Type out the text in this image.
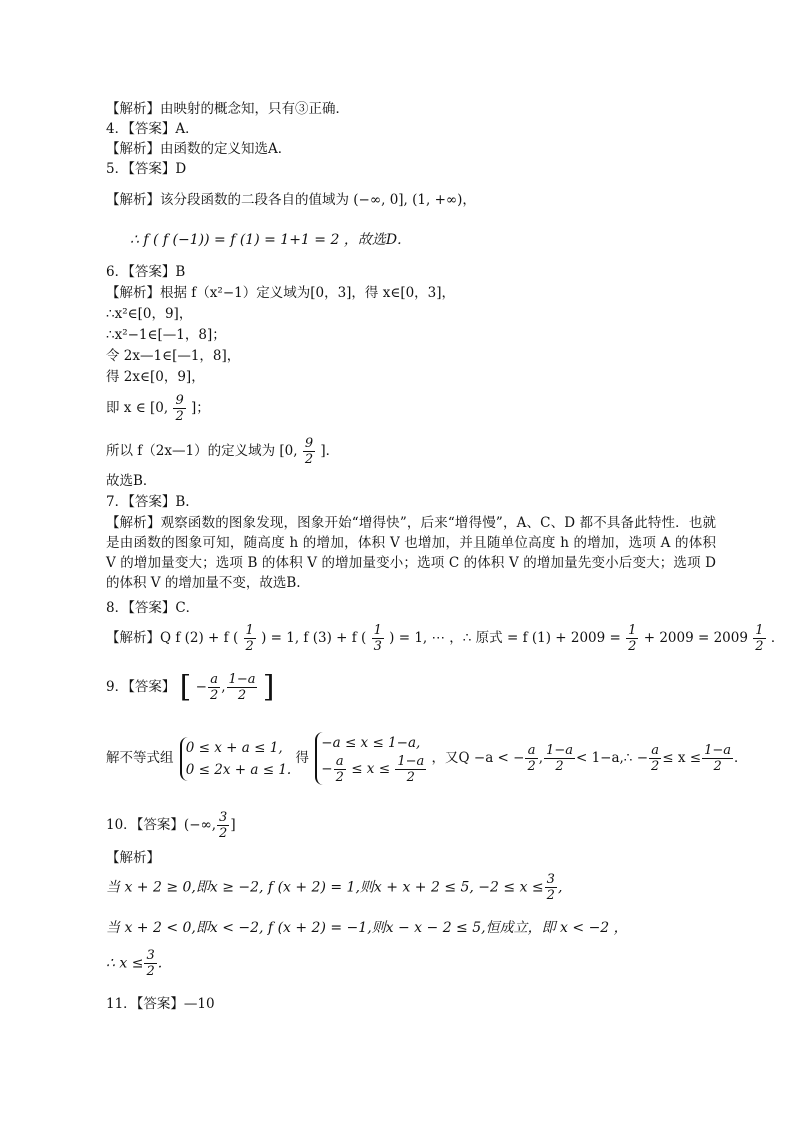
【解析】由映射的概念知，只有③正确．
4．【答案】A．
【解析】由函数的定义知选A．
5．【答案】D
【解析】该分段函数的二段各自的值域为 (−∞, 0], (1, +∞)，
∴ f ( f (−1)) = f (1) = 1+1 = 2 ，故选D．
6．【答案】B
【解析】根据 f（x²−1）定义域为[0，3]，得 x∈[0，3]，
∴x²∈[0，9]，
∴x²−1∈[—1，8]；
令 2x—1∈[—1，8]，
得 2x∈[0，9]，
即 x ∈ [0, $\frac{9}{2}$ ]；
所以 f（2x—1）的定义域为 [0, $\frac{9}{2}$ ]．
故选B．
7．【答案】B.
【解析】观察函数的图象发现，图象开始“增得快”，后来“增得慢”，A、C、D 都不具备此特性．也就是由函数的图象可知，随高度 h 的增加，体积 V 也增加，并且随单位高度 h 的增加，选项 A 的体积 V 的增加量变大；选项 B 的体积 V 的增加量变小；选项 C 的体积 V 的增加量先变小后变大；选项 D 的体积 V 的增加量不变，故选B.
8．【答案】C．
【解析】Q f (2) + f ( $\frac{1}{2}$ ) = 1, f (3) + f ( $\frac{1}{3}$ ) = 1, ⋯ ，∴ 原式 = f $(1) + 2009 = \frac{1}{2} + 2009 = 2009 \frac{1}{2}$ ．
9．【答案】 [ − $\frac{a}{2}$ , $\frac{1-a}{2}$ ]
解不等式组
0 ≤ x + a ≤ 1,
0 ≤ 2x + a ≤ 1.
得
−a ≤ x ≤ 1−a,
− $\frac{a}{2} \le x \le \frac{1-a}{2}$ ，又Q −a < − $\frac{a}{2}$ , $\frac{1-a}{2}$ < 1−a,∴ − $\frac{a}{2} \le x \le \frac{1-a}{2}$ ．
10．【答案】(−∞, $\frac{3}{2}$ ]
【解析】
当 x + 2 ≥ 0,即x ≥ −2, f (x + 2) = 1,则x + x + 2 ≤ 5, $-2 \le x \le \frac{3}{2}$ ,
当 x + 2 < 0,即x < −2, f (x + 2) = −1,则x − x − 2 ≤ 5,恒成立，即 x < −2 ，
∴ $x \le \frac{3}{2}$ .
11．【答案】—10
